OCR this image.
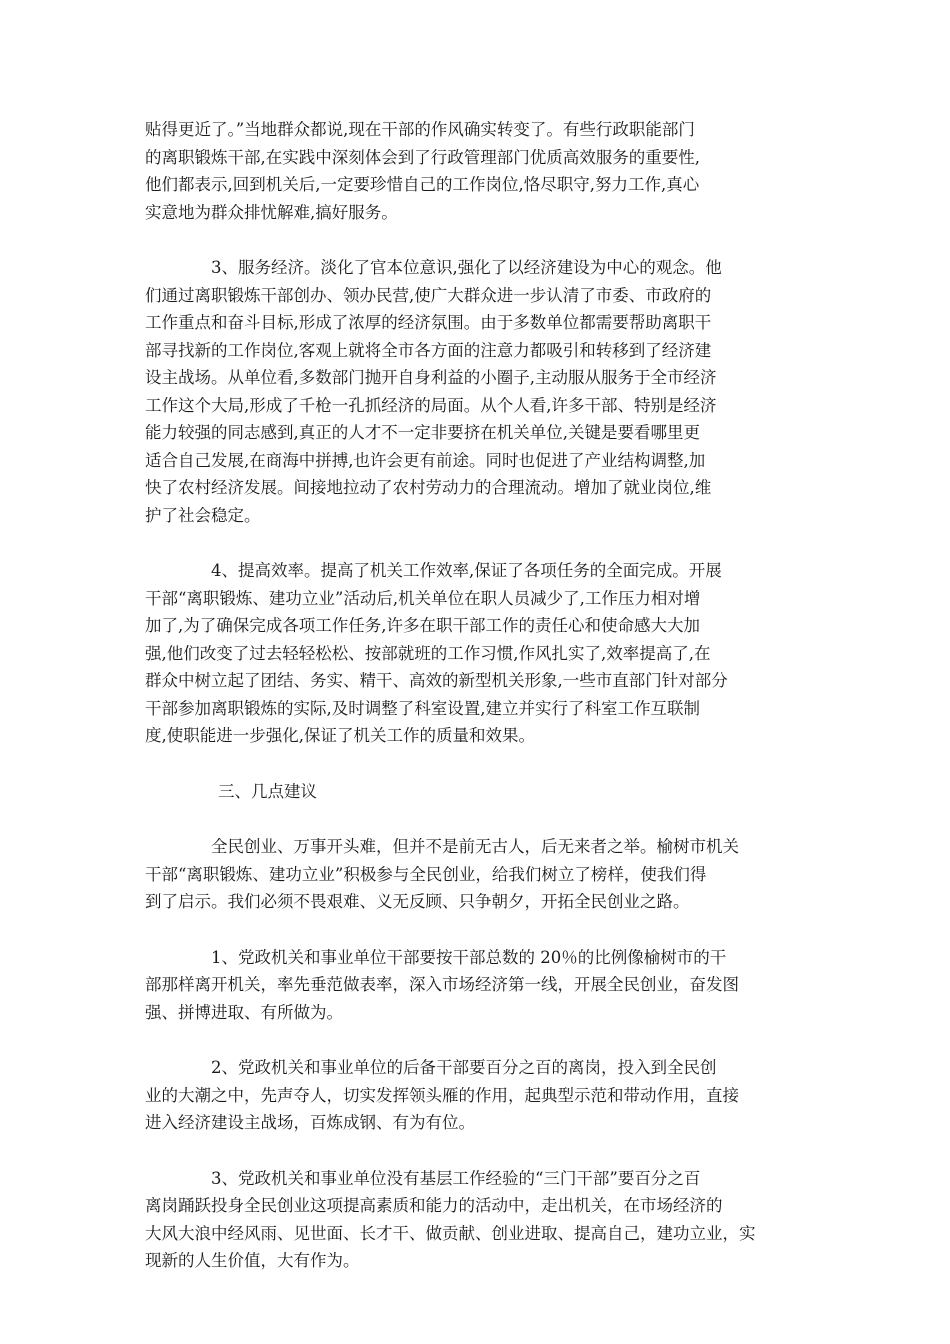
贴得更近了。”当地群众都说,现在干部的作风确实转变了。有些行政职能部门
的离职锻炼干部,在实践中深刻体会到了行政管理部门优质高效服务的重要性,
他们都表示,回到机关后,一定要珍惜自己的工作岗位,恪尽职守,努力工作,真心
实意地为群众排忧解难,搞好服务。

3、服务经济。淡化了官本位意识,强化了以经济建设为中心的观念。他
们通过离职锻炼干部创办、领办民营,使广大群众进一步认清了市委、市政府的
工作重点和奋斗目标,形成了浓厚的经济氛围。由于多数单位都需要帮助离职干
部寻找新的工作岗位,客观上就将全市各方面的注意力都吸引和转移到了经济建
设主战场。从单位看,多数部门抛开自身利益的小圈子,主动服从服务于全市经济
工作这个大局,形成了千枪一孔抓经济的局面。从个人看,许多干部、特别是经济
能力较强的同志感到,真正的人才不一定非要挤在机关单位,关键是要看哪里更
适合自己发展,在商海中拼搏,也许会更有前途。同时也促进了产业结构调整,加
快了农村经济发展。间接地拉动了农村劳动力的合理流动。增加了就业岗位,维
护了社会稳定。

4、提高效率。提高了机关工作效率,保证了各项任务的全面完成。开展
干部“离职锻炼、建功立业”活动后,机关单位在职人员减少了,工作压力相对增
加了,为了确保完成各项工作任务,许多在职干部工作的责任心和使命感大大加
强,他们改变了过去轻轻松松、按部就班的工作习惯,作风扎实了,效率提高了,在
群众中树立起了团结、务实、精干、高效的新型机关形象,一些市直部门针对部分
干部参加离职锻炼的实际,及时调整了科室设置,建立并实行了科室工作互联制
度,使职能进一步强化,保证了机关工作的质量和效果。

三、几点建议

全民创业、万事开头难，但并不是前无古人，后无来者之举。榆树市机关
干部“离职锻炼、建功立业”积极参与全民创业，给我们树立了榜样，使我们得
到了启示。我们必须不畏艰难、义无反顾、只争朝夕，开拓全民创业之路。

1、党政机关和事业单位干部要按干部总数的 20％的比例像榆树市的干
部那样离开机关，率先垂范做表率，深入市场经济第一线，开展全民创业，奋发图
强、拼博进取、有所做为。

2、党政机关和事业单位的后备干部要百分之百的离岗，投入到全民创
业的大潮之中，先声夺人，切实发挥领头雁的作用，起典型示范和带动作用，直接
进入经济建设主战场，百炼成钢、有为有位。

3、党政机关和事业单位没有基层工作经验的“三门干部”要百分之百
离岗踊跃投身全民创业这项提高素质和能力的活动中，走出机关，在市场经济的
大风大浪中经风雨、见世面、长才干、做贡献、创业进取、提高自己，建功立业，实
现新的人生价值，大有作为。
